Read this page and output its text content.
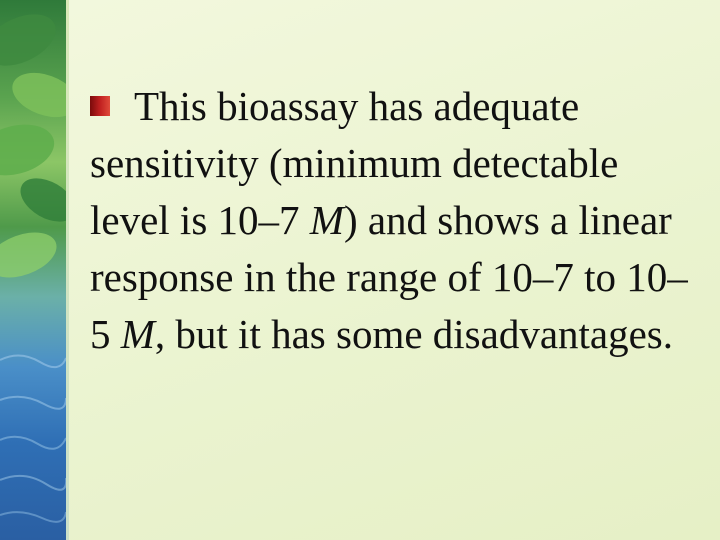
This bioassay has adequate sensitivity (minimum detectable level is 10–7 M) and shows a linear response in the range of 10–7 to 10–5 M, but it has some disadvantages.
